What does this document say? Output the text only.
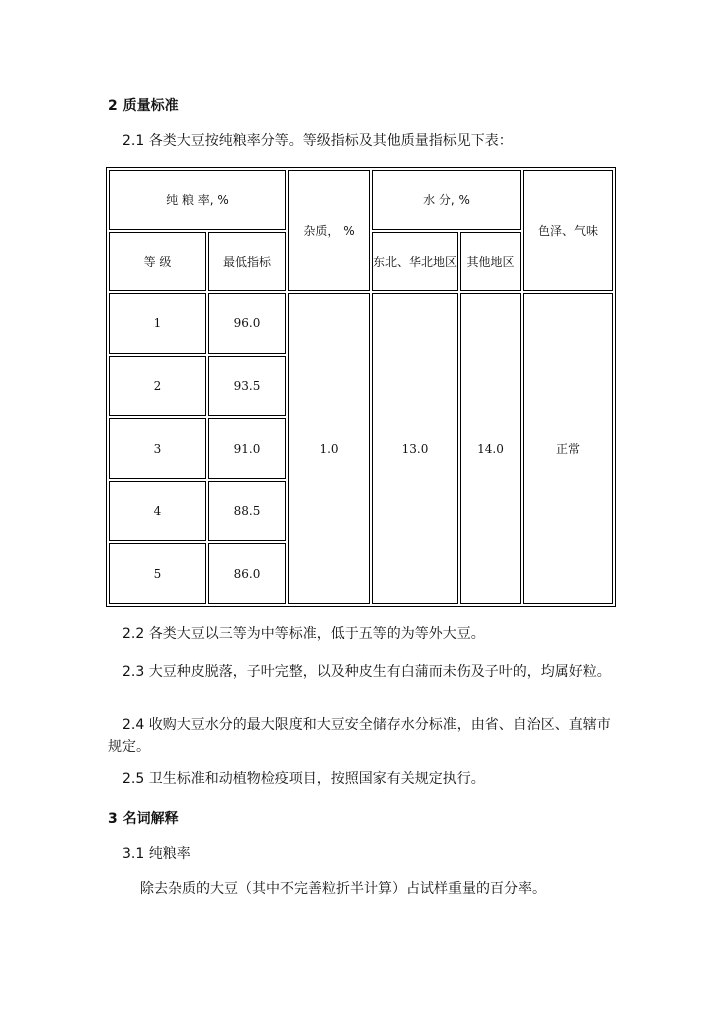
2 质量标准
2.1 各类大豆按纯粮率分等。等级指标及其他质量指标见下表：
纯 粮 率, %		杂质， %	水 分, %		色泽、气味
等 级	最低指标		东北、华北地区	其他地区	
1	96.0	1.0	13.0	14.0	正常
2	93.5				
3	91.0				
4	88.5				
5	86.0				
2.2 各类大豆以三等为中等标准，低于五等的为等外大豆。
2.3 大豆种皮脱落，子叶完整，以及种皮生有白蒲而未伤及子叶的，均属好粒。
2.4 收购大豆水分的最大限度和大豆安全储存水分标准，由省、自治区、直辖市规定。
2.5 卫生标准和动植物检疫项目，按照国家有关规定执行。
3 名词解释
3.1 纯粮率
除去杂质的大豆（其中不完善粒折半计算）占试样重量的百分率。
